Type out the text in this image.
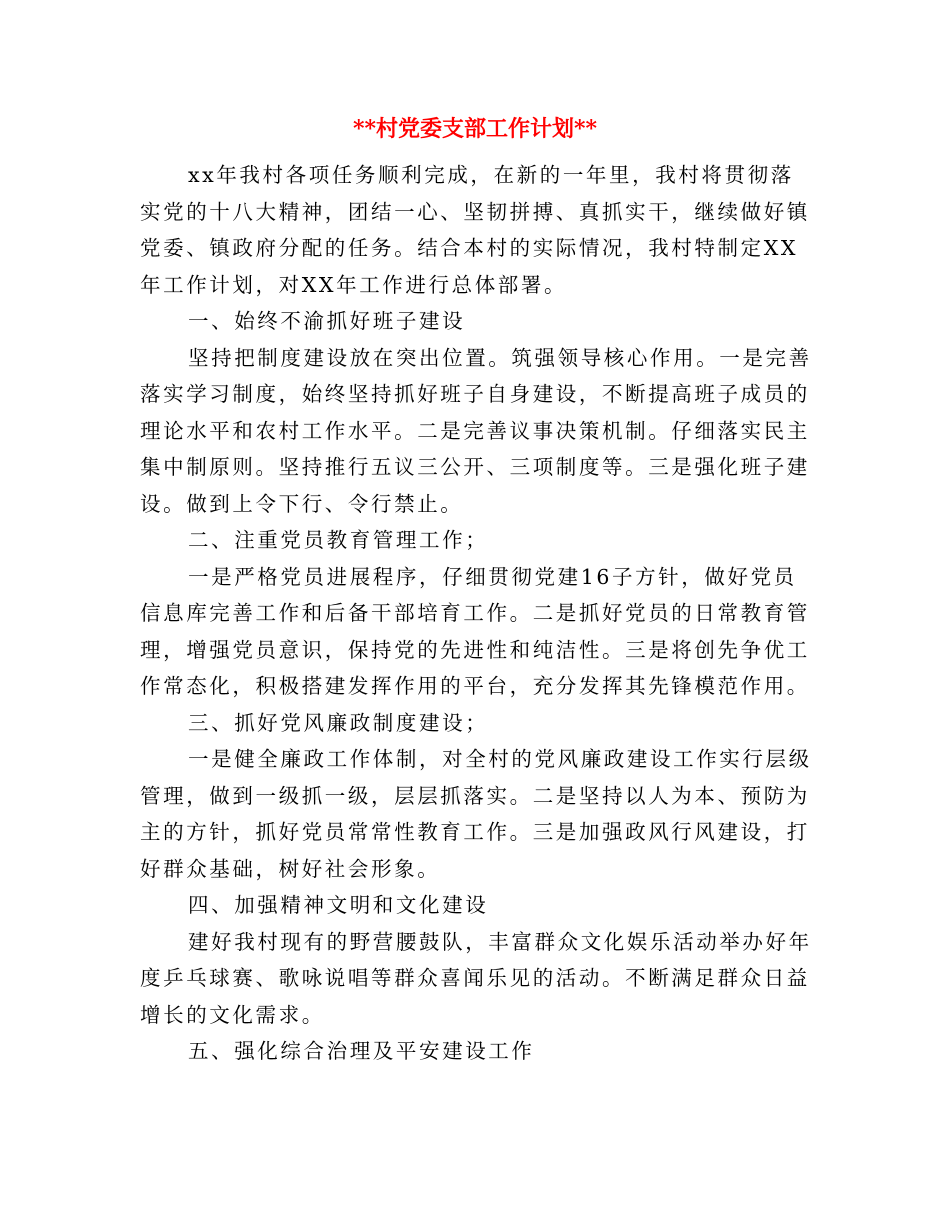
**村党委支部工作计划**

xx年我村各项任务顺利完成，在新的一年里，我村将贯彻落实党的十八大精神，团结一心、坚韧拼搏、真抓实干，继续做好镇党委、镇政府分配的任务。结合本村的实际情况，我村特制定XX年工作计划，对XX年工作进行总体部署。

一、始终不渝抓好班子建设

坚持把制度建设放在突出位置。筑强领导核心作用。一是完善落实学习制度，始终坚持抓好班子自身建设，不断提高班子成员的理论水平和农村工作水平。二是完善议事决策机制。仔细落实民主集中制原则。坚持推行五议三公开、三项制度等。三是强化班子建设。做到上令下行、令行禁止。

二、注重党员教育管理工作；

一是严格党员进展程序，仔细贯彻党建16子方针，做好党员信息库完善工作和后备干部培育工作。二是抓好党员的日常教育管理，增强党员意识，保持党的先进性和纯洁性。三是将创先争优工作常态化，积极搭建发挥作用的平台，充分发挥其先锋模范作用。

三、抓好党风廉政制度建设；

一是健全廉政工作体制，对全村的党风廉政建设工作实行层级管理，做到一级抓一级，层层抓落实。二是坚持以人为本、预防为主的方针，抓好党员常常性教育工作。三是加强政风行风建设，打好群众基础，树好社会形象。

四、加强精神文明和文化建设

建好我村现有的野营腰鼓队，丰富群众文化娱乐活动举办好年度乒乓球赛、歌咏说唱等群众喜闻乐见的活动。不断满足群众日益增长的文化需求。

五、强化综合治理及平安建设工作
